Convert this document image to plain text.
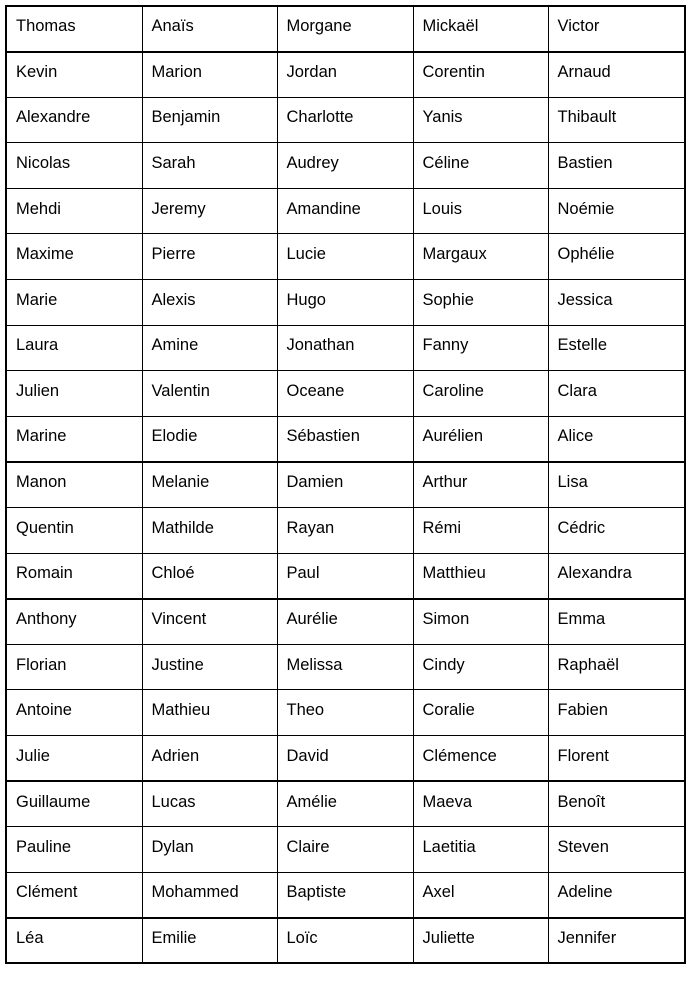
Thomas	Anaïs	Morgane	Mickaël	Victor
Kevin	Marion	Jordan	Corentin	Arnaud
Alexandre	Benjamin	Charlotte	Yanis	Thibault
Nicolas	Sarah	Audrey	Céline	Bastien
Mehdi	Jeremy	Amandine	Louis	Noémie
Maxime	Pierre	Lucie	Margaux	Ophélie
Marie	Alexis	Hugo	Sophie	Jessica
Laura	Amine	Jonathan	Fanny	Estelle
Julien	Valentin	Oceane	Caroline	Clara
Marine	Elodie	Sébastien	Aurélien	Alice
Manon	Melanie	Damien	Arthur	Lisa
Quentin	Mathilde	Rayan	Rémi	Cédric
Romain	Chloé	Paul	Matthieu	Alexandra
Anthony	Vincent	Aurélie	Simon	Emma
Florian	Justine	Melissa	Cindy	Raphaël
Antoine	Mathieu	Theo	Coralie	Fabien
Julie	Adrien	David	Clémence	Florent
Guillaume	Lucas	Amélie	Maeva	Benoît
Pauline	Dylan	Claire	Laetitia	Steven
Clément	Mohammed	Baptiste	Axel	Adeline
Léa	Emilie	Loïc	Juliette	Jennifer
